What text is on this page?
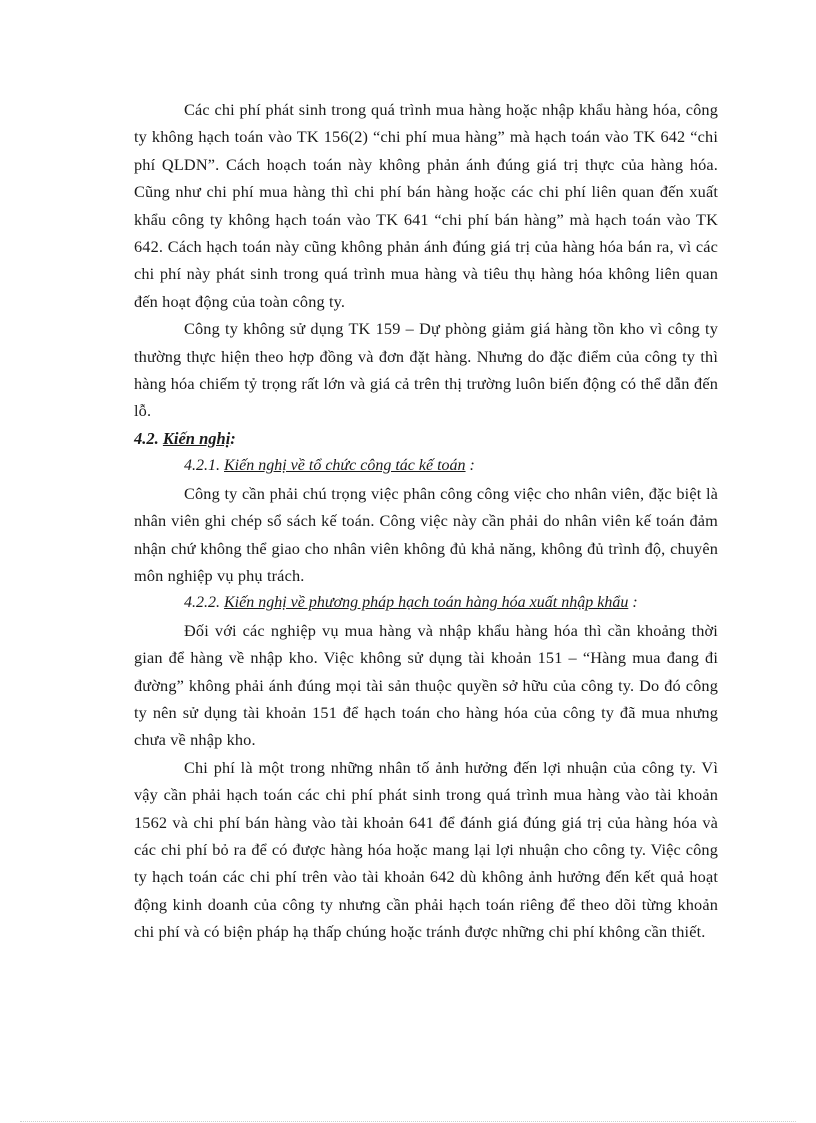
Các chi phí phát sinh trong quá trình mua hàng hoặc nhập khẩu hàng hóa, công ty không hạch toán vào TK 156(2) “chi phí mua hàng” mà hạch toán vào TK 642 “chi phí QLDN”. Cách hoạch toán này không phản ánh đúng giá trị thực của hàng hóa. Cũng như chi phí mua hàng thì chi phí bán hàng hoặc các chi phí liên quan đến xuất khẩu công ty không hạch toán vào TK 641 “chi phí bán hàng” mà hạch toán vào TK 642. Cách hạch toán này cũng không phản ánh đúng giá trị của hàng hóa bán ra, vì các chi phí này phát sinh trong quá trình mua hàng và tiêu thụ hàng hóa không liên quan đến hoạt động của toàn công ty.

Công ty không sử dụng TK 159 – Dự phòng giảm giá hàng tồn kho vì công ty thường thực hiện theo hợp đồng và đơn đặt hàng. Nhưng do đặc điểm của công ty thì hàng hóa chiếm tỷ trọng rất lớn và giá cả trên thị trường luôn biến động có thể dẫn đến lỗ.

4.2. Kiến nghị:

4.2.1. Kiến nghị về tổ chức công tác kế toán :

Công ty cần phải chú trọng việc phân công công việc cho nhân viên, đặc biệt là nhân viên ghi chép sổ sách kế toán. Công việc này cần phải do nhân viên kế toán đảm nhận chứ không thể giao cho nhân viên không đủ khả năng, không đủ trình độ, chuyên môn nghiệp vụ phụ trách.

4.2.2. Kiến nghị về phương pháp hạch toán hàng hóa xuất nhập khẩu :

Đối với các nghiệp vụ mua hàng và nhập khẩu hàng hóa thì cần khoảng thời gian để hàng về nhập kho. Việc không sử dụng tài khoản 151 – “Hàng mua đang đi đường” không phải ánh đúng mọi tài sản thuộc quyền sở hữu của công ty. Do đó công ty nên sử dụng tài khoản 151 để hạch toán cho hàng hóa của công ty đã mua nhưng chưa về nhập kho.

Chi phí là một trong những nhân tố ảnh hưởng đến lợi nhuận của công ty. Vì vậy cần phải hạch toán các chi phí phát sinh trong quá trình mua hàng vào tài khoản 1562 và chi phí bán hàng vào tài khoản 641 để đánh giá đúng giá trị của hàng hóa và các chi phí bỏ ra để có được hàng hóa hoặc mang lại lợi nhuận cho công ty. Việc công ty hạch toán các chi phí trên vào tài khoản 642 dù không ảnh hưởng đến kết quả hoạt động kinh doanh của công ty nhưng cần phải hạch toán riêng để theo dõi từng khoản chi phí và có biện pháp hạ thấp chúng hoặc tránh được những chi phí không cần thiết.
